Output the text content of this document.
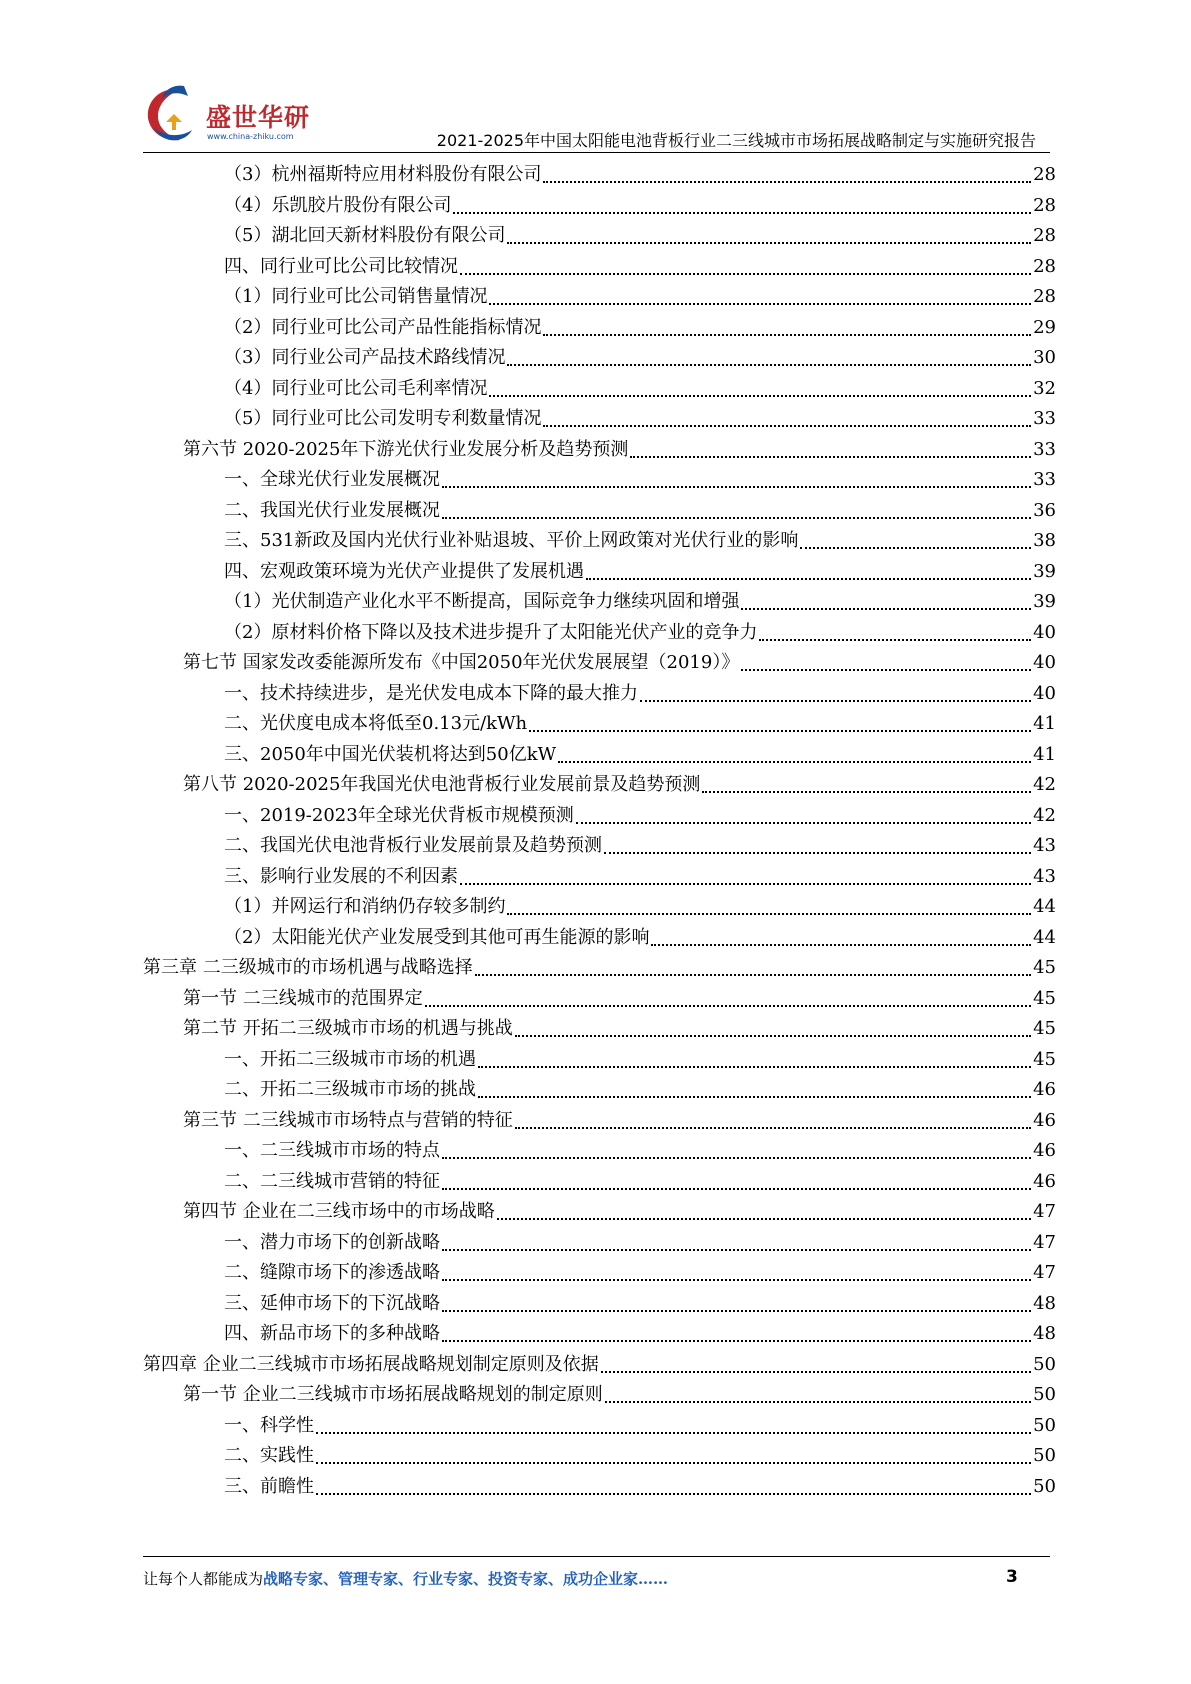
盛世华研
www.china-zhiku.com	2021-2025年中国太阳能电池背板行业二三线城市市场拓展战略制定与实施研究报告
（3）杭州福斯特应用材料股份有限公司	28
（4）乐凯胶片股份有限公司	28
（5）湖北回天新材料股份有限公司	28
四、同行业可比公司比较情况	28
（1）同行业可比公司销售量情况	28
（2）同行业可比公司产品性能指标情况	29
（3）同行业公司产品技术路线情况	30
（4）同行业可比公司毛利率情况	32
（5）同行业可比公司发明专利数量情况	33
第六节 2020-2025年下游光伏行业发展分析及趋势预测	33
一、全球光伏行业发展概况	33
二、我国光伏行业发展概况	36
三、531新政及国内光伏行业补贴退坡、平价上网政策对光伏行业的影响	38
四、宏观政策环境为光伏产业提供了发展机遇	39
（1）光伏制造产业化水平不断提高，国际竞争力继续巩固和增强	39
（2）原材料价格下降以及技术进步提升了太阳能光伏产业的竞争力	40
第七节 国家发改委能源所发布《中国2050年光伏发展展望（2019）》	40
一、技术持续进步，是光伏发电成本下降的最大推力	40
二、光伏度电成本将低至0.13元/kWh	41
三、2050年中国光伏装机将达到50亿kW	41
第八节 2020-2025年我国光伏电池背板行业发展前景及趋势预测	42
一、2019-2023年全球光伏背板市规模预测	42
二、我国光伏电池背板行业发展前景及趋势预测	43
三、影响行业发展的不利因素	43
（1）并网运行和消纳仍存较多制约	44
（2）太阳能光伏产业发展受到其他可再生能源的影响	44
第三章 二三级城市的市场机遇与战略选择	45
第一节 二三线城市的范围界定	45
第二节 开拓二三级城市市场的机遇与挑战	45
一、开拓二三级城市市场的机遇	45
二、开拓二三级城市市场的挑战	46
第三节 二三线城市市场特点与营销的特征	46
一、二三线城市市场的特点	46
二、二三线城市营销的特征	46
第四节 企业在二三线市场中的市场战略	47
一、潜力市场下的创新战略	47
二、缝隙市场下的渗透战略	47
三、延伸市场下的下沉战略	48
四、新品市场下的多种战略	48
第四章 企业二三线城市市场拓展战略规划制定原则及依据	50
第一节 企业二三线城市市场拓展战略规划的制定原则	50
一、科学性	50
二、实践性	50
三、前瞻性	50
让每个人都能成为战略专家、管理专家、行业专家、投资专家、成功企业家……	3
